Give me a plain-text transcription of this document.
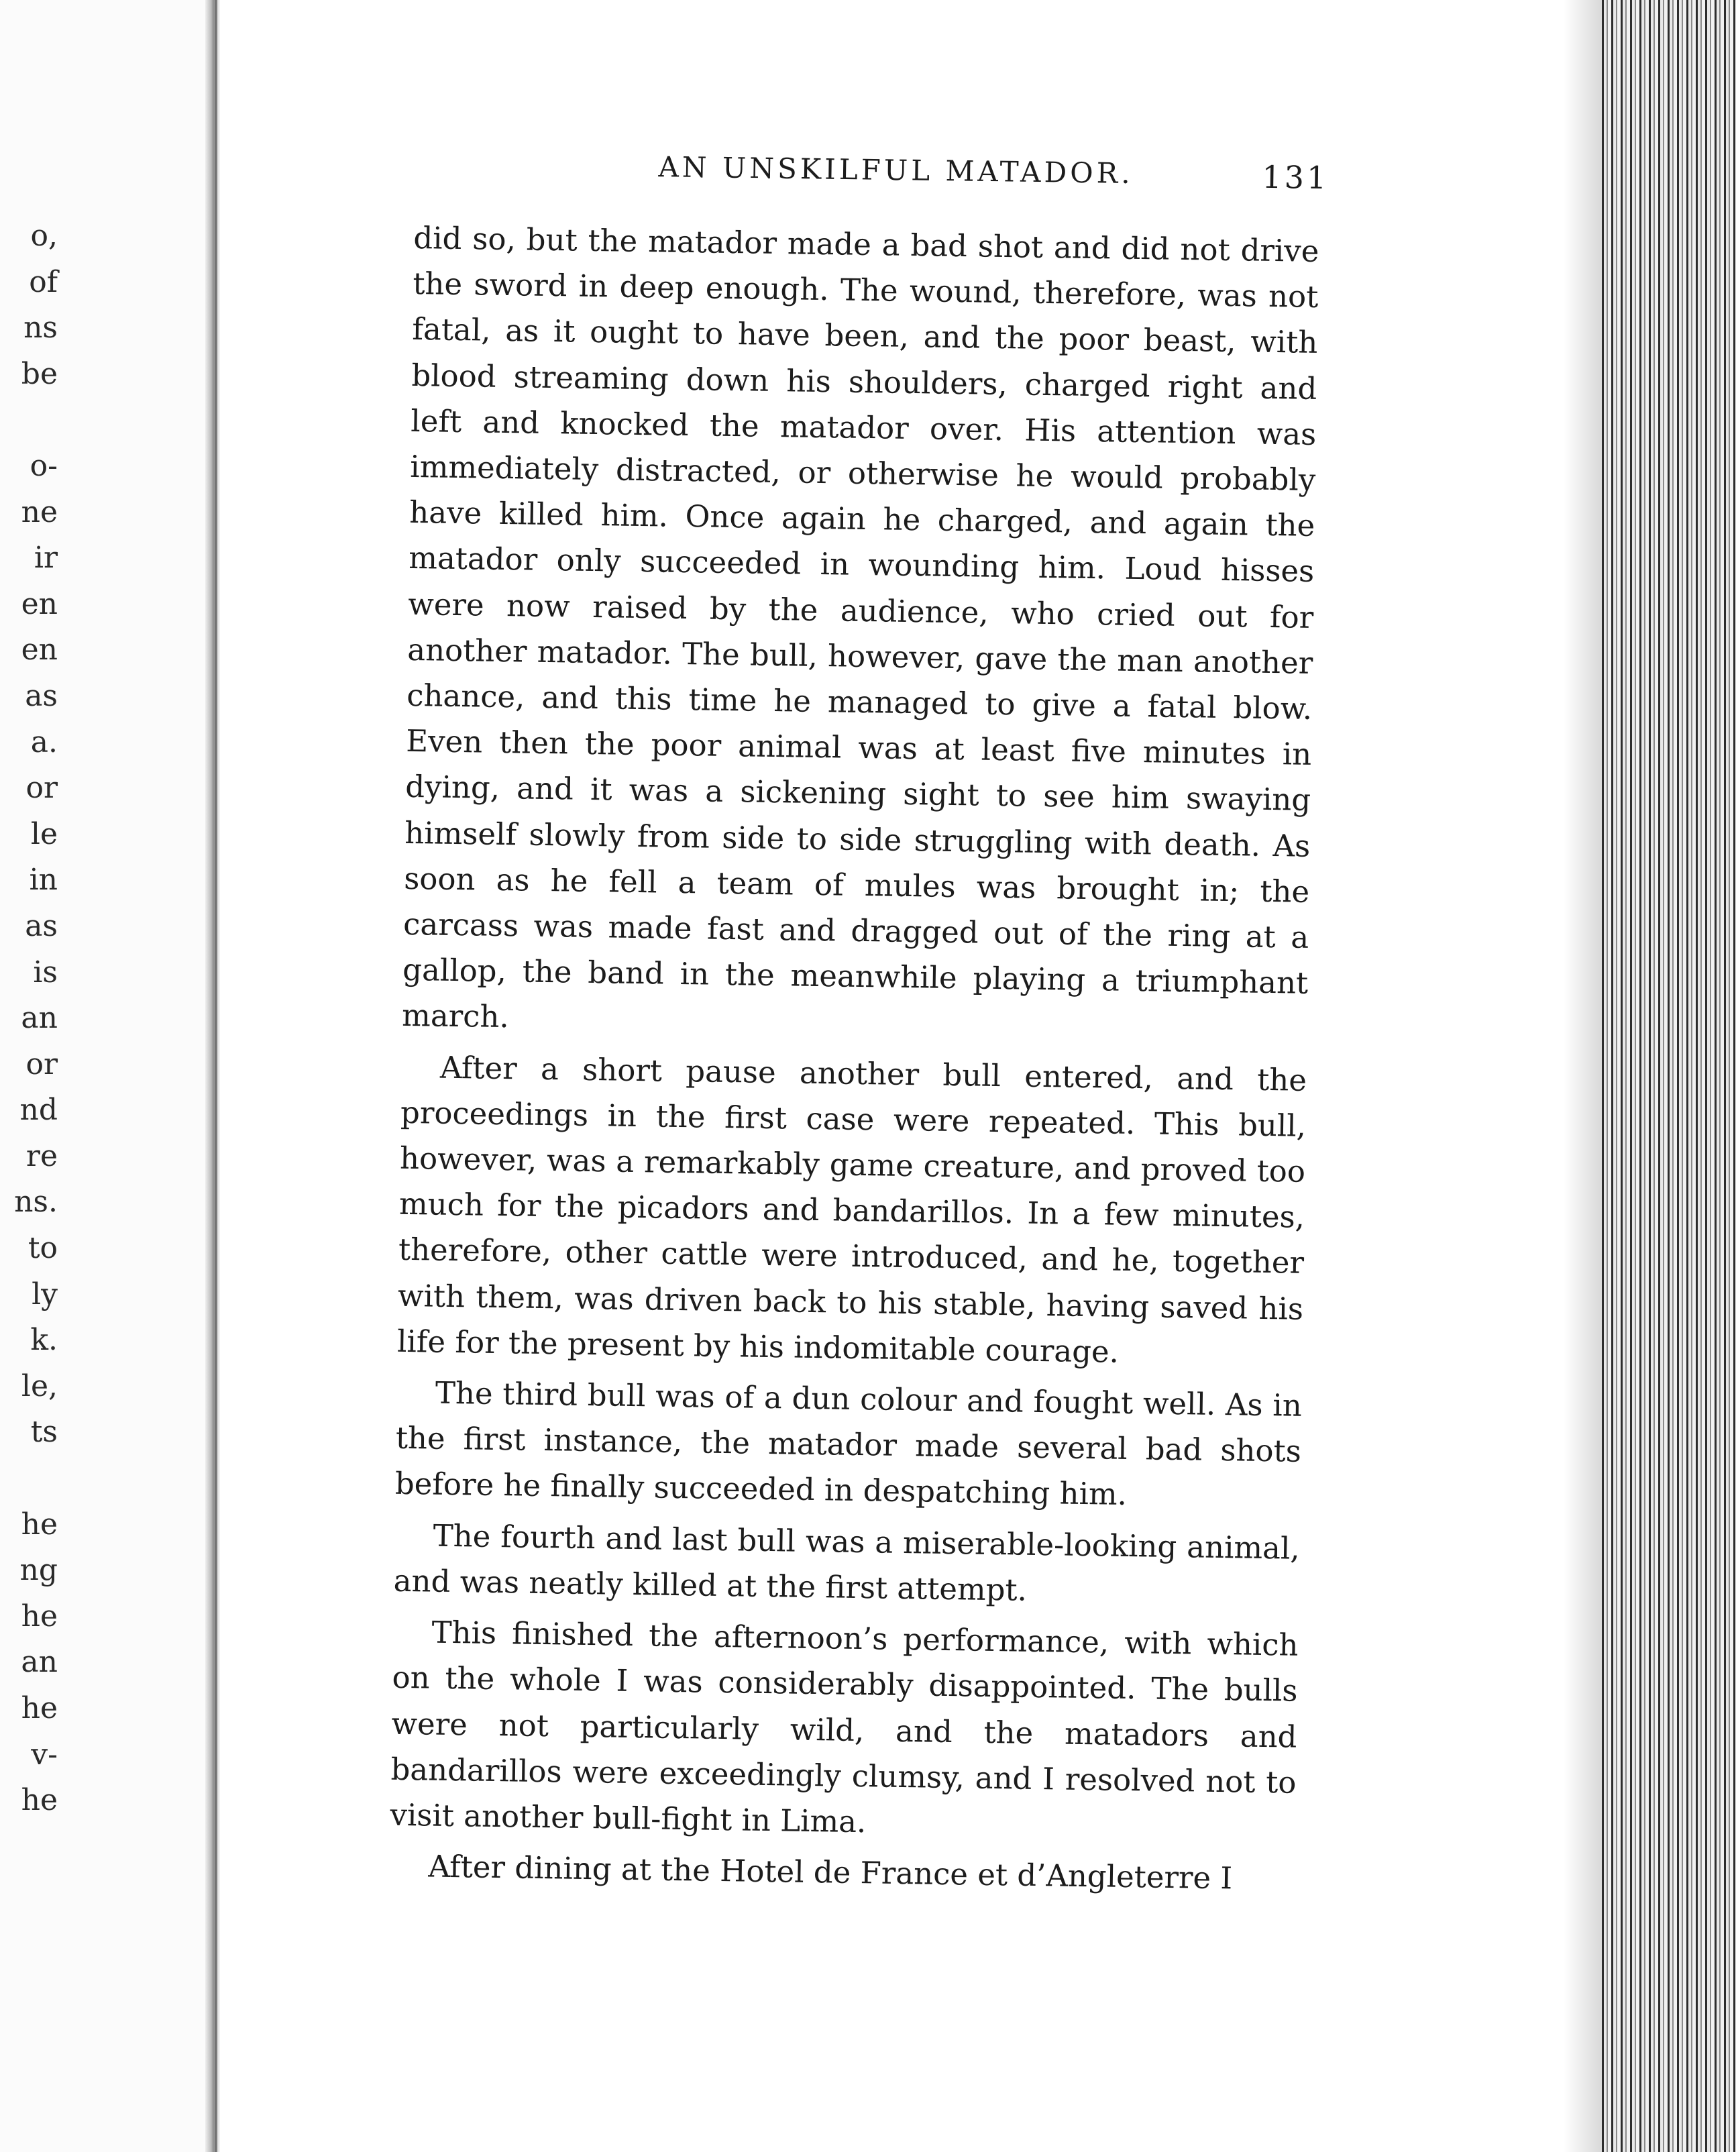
o,
of
ns
be
o-
ne
ir
en
en
as
a.
or
le
in
as
is
an
or
nd
re
ns.
to
ly
k.
le,
ts
he
ng
he
an
he
v-
he
AN UNSKILFUL MATADOR.	131

did so, but the matador made a bad shot and did not drive the sword in deep enough. The wound, therefore, was not fatal, as it ought to have been, and the poor beast, with blood streaming down his shoulders, charged right and left and knocked the matador over. His attention was immediately distracted, or otherwise he would probably have killed him. Once again he charged, and again the matador only succeeded in wounding him. Loud hisses were now raised by the audience, who cried out for another matador. The bull, however, gave the man another chance, and this time he managed to give a fatal blow. Even then the poor animal was at least five minutes in dying, and it was a sickening sight to see him swaying himself slowly from side to side struggling with death. As soon as he fell a team of mules was brought in; the carcass was made fast and dragged out of the ring at a gallop, the band in the meanwhile playing a triumphant march.

After a short pause another bull entered, and the proceedings in the first case were repeated. This bull, however, was a remarkably game creature, and proved too much for the picadors and bandarillos. In a few minutes, therefore, other cattle were introduced, and he, together with them, was driven back to his stable, having saved his life for the present by his indomitable courage.

The third bull was of a dun colour and fought well. As in the first instance, the matador made several bad shots before he finally succeeded in despatching him.

The fourth and last bull was a miserable-looking animal, and was neatly killed at the first attempt.

This finished the afternoon’s performance, with which on the whole I was considerably disappointed. The bulls were not particularly wild, and the matadors and bandarillos were exceedingly clumsy, and I resolved not to visit another bull-fight in Lima.

After dining at the Hotel de France et d’Angleterre I
